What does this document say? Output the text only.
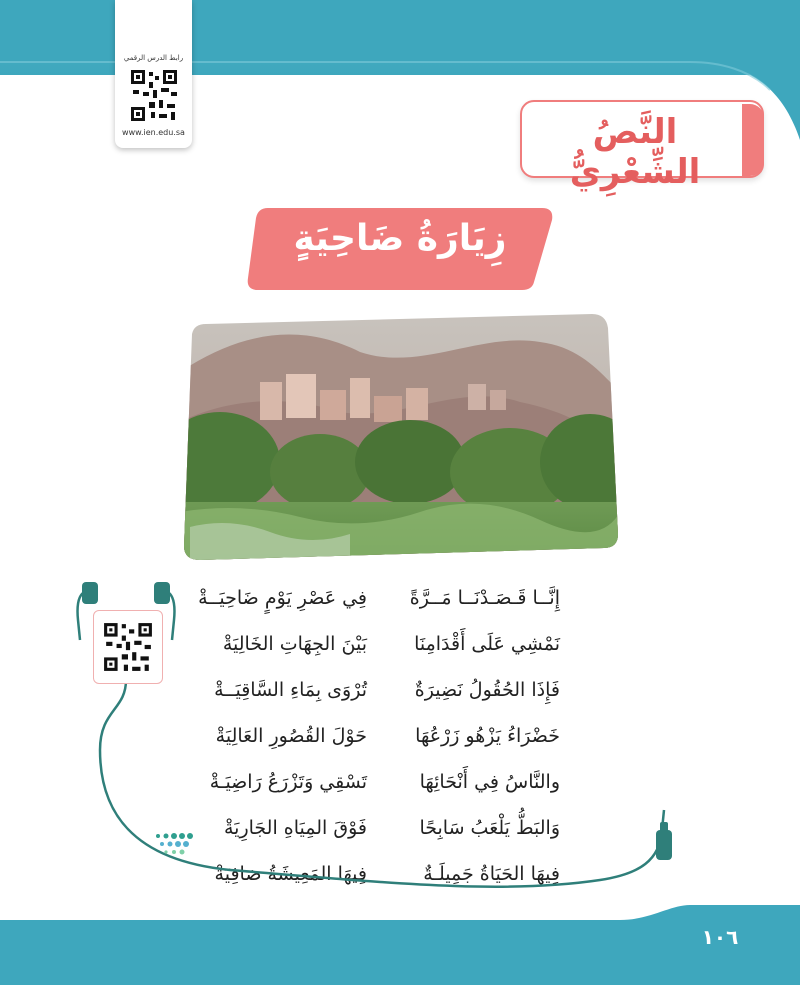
رابط الدرس الرقمي
www.ien.edu.sa	النَّصُ الشِّعْرِيُّ
زِيَارَةُ ضَاحِيَةٍ
إِنَّــا قَـصَـدْنَــا مَــرَّةً
نَمْشِي عَلَى أَقْدَامِنَا
فَإِذَا الحُقُولُ نَضِيرَةٌ
خَضْرَاءُ يَزْهُو زَرْعُهَا
والنَّاسُ فِي أَنْحَائِهَا
وَالبَطُّ يَلْعَبُ سَابِحًا
فِيهَا الحَيَاةُ جَمِيلَـةٌ
فِي عَصْرِ يَوْمٍ ضَاحِيَــةْ
بَيْنَ الجِهَاتِ الخَالِيَةْ
تُرْوَى بِمَاءِ السَّاقِيَــةْ
حَوْلَ القُصُورِ العَالِيَةْ
تَسْقِي وَتَزْرَعُ رَاضِيَـةْ
فَوْقَ المِيَاهِ الجَارِيَةْ
فِيهَا المَعِيشَةُ صَافِيَةْ
١٠٦
